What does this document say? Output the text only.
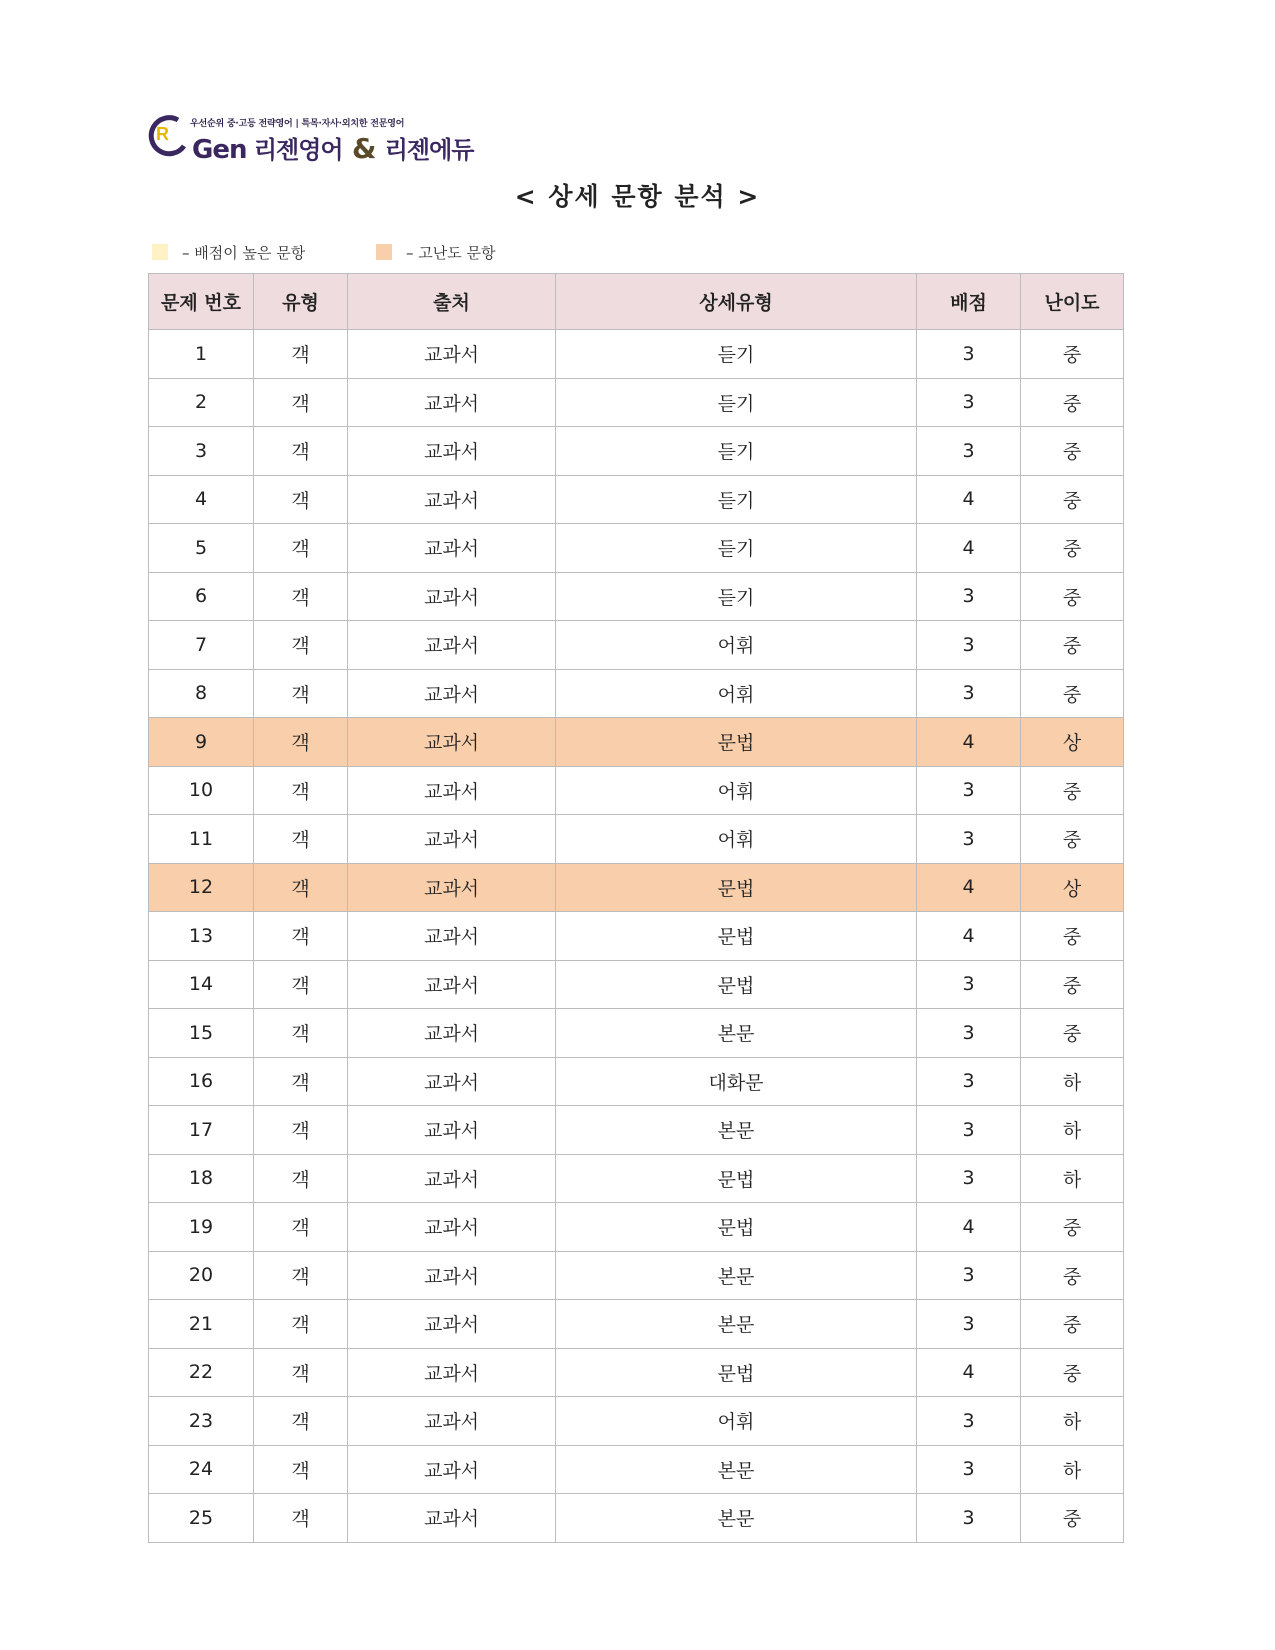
R 우선순위 중·고등 전략영어 | 특목·자사·외치한 전문영어
Gen 리젠영어 & 리젠에듀
< 상세 문항 분석 >
– 배점이 높은 문항	– 고난도 문항
문제 번호	유형	출처	상세유형	배점	난이도
1	객	교과서	듣기	3	중
2	객	교과서	듣기	3	중
3	객	교과서	듣기	3	중
4	객	교과서	듣기	4	중
5	객	교과서	듣기	4	중
6	객	교과서	듣기	3	중
7	객	교과서	어휘	3	중
8	객	교과서	어휘	3	중
9	객	교과서	문법	4	상
10	객	교과서	어휘	3	중
11	객	교과서	어휘	3	중
12	객	교과서	문법	4	상
13	객	교과서	문법	4	중
14	객	교과서	문법	3	중
15	객	교과서	본문	3	중
16	객	교과서	대화문	3	하
17	객	교과서	본문	3	하
18	객	교과서	문법	3	하
19	객	교과서	문법	4	중
20	객	교과서	본문	3	중
21	객	교과서	본문	3	중
22	객	교과서	문법	4	중
23	객	교과서	어휘	3	하
24	객	교과서	본문	3	하
25	객	교과서	본문	3	중
